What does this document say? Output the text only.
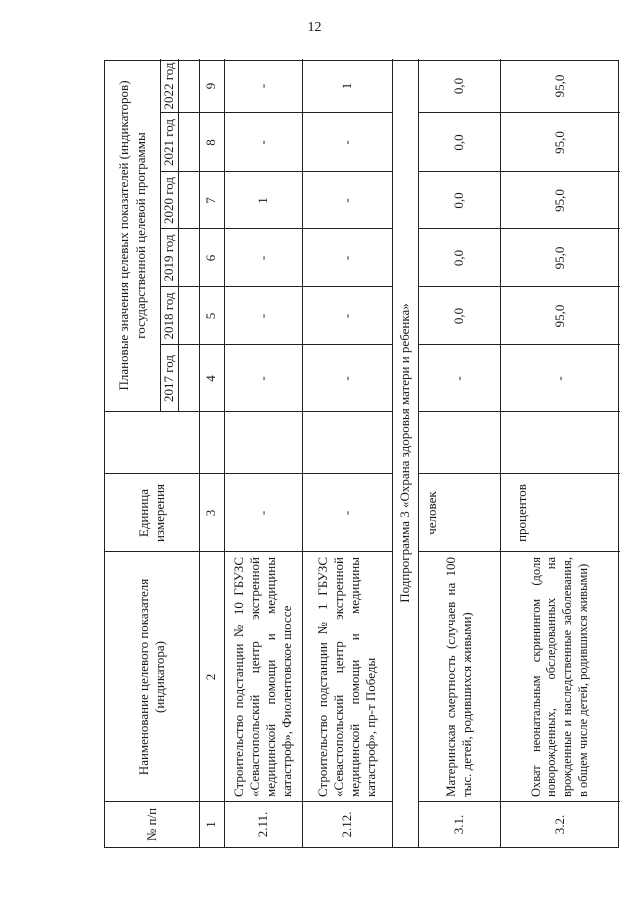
12
№ п/п
Наименование целевого показателя (индикатора)
Единица измерения
Плановые значения целевых показателей (индикаторов) государственной целевой программы
2017 год
2018 год
2019 год
2020 год
2021 год
2022 год
1
2
3
4
5
6
7
8
9
2.11.
Строительство подстанции № 10 ГБУЗС «Севастопольский центр экстренной медицинской помощи и медицины катастроф», Фиолентовское шоссе
-
-
-
-
1
-
-
2.12.
Строительство подстанции № 1 ГБУЗС «Севастопольский центр экстренной медицинской помощи и медицины катастроф», пр-т Победы
-
-
-
-
-
-
1
Подпрограмма 3 «Охрана здоровья матери и ребенка»
3.1.
Материнская смертность (случаев на 100 тыс. детей, родившихся живыми)
человек
-
0,0
0,0
0,0
0,0
0,0
3.2.
Охват неонатальным скринингом (доля новорожденных, обследованных на врожденные и наследственные заболевания, в общем числе детей, родившихся живыми)
процентов
-
95,0
95,0
95,0
95,0
95,0
